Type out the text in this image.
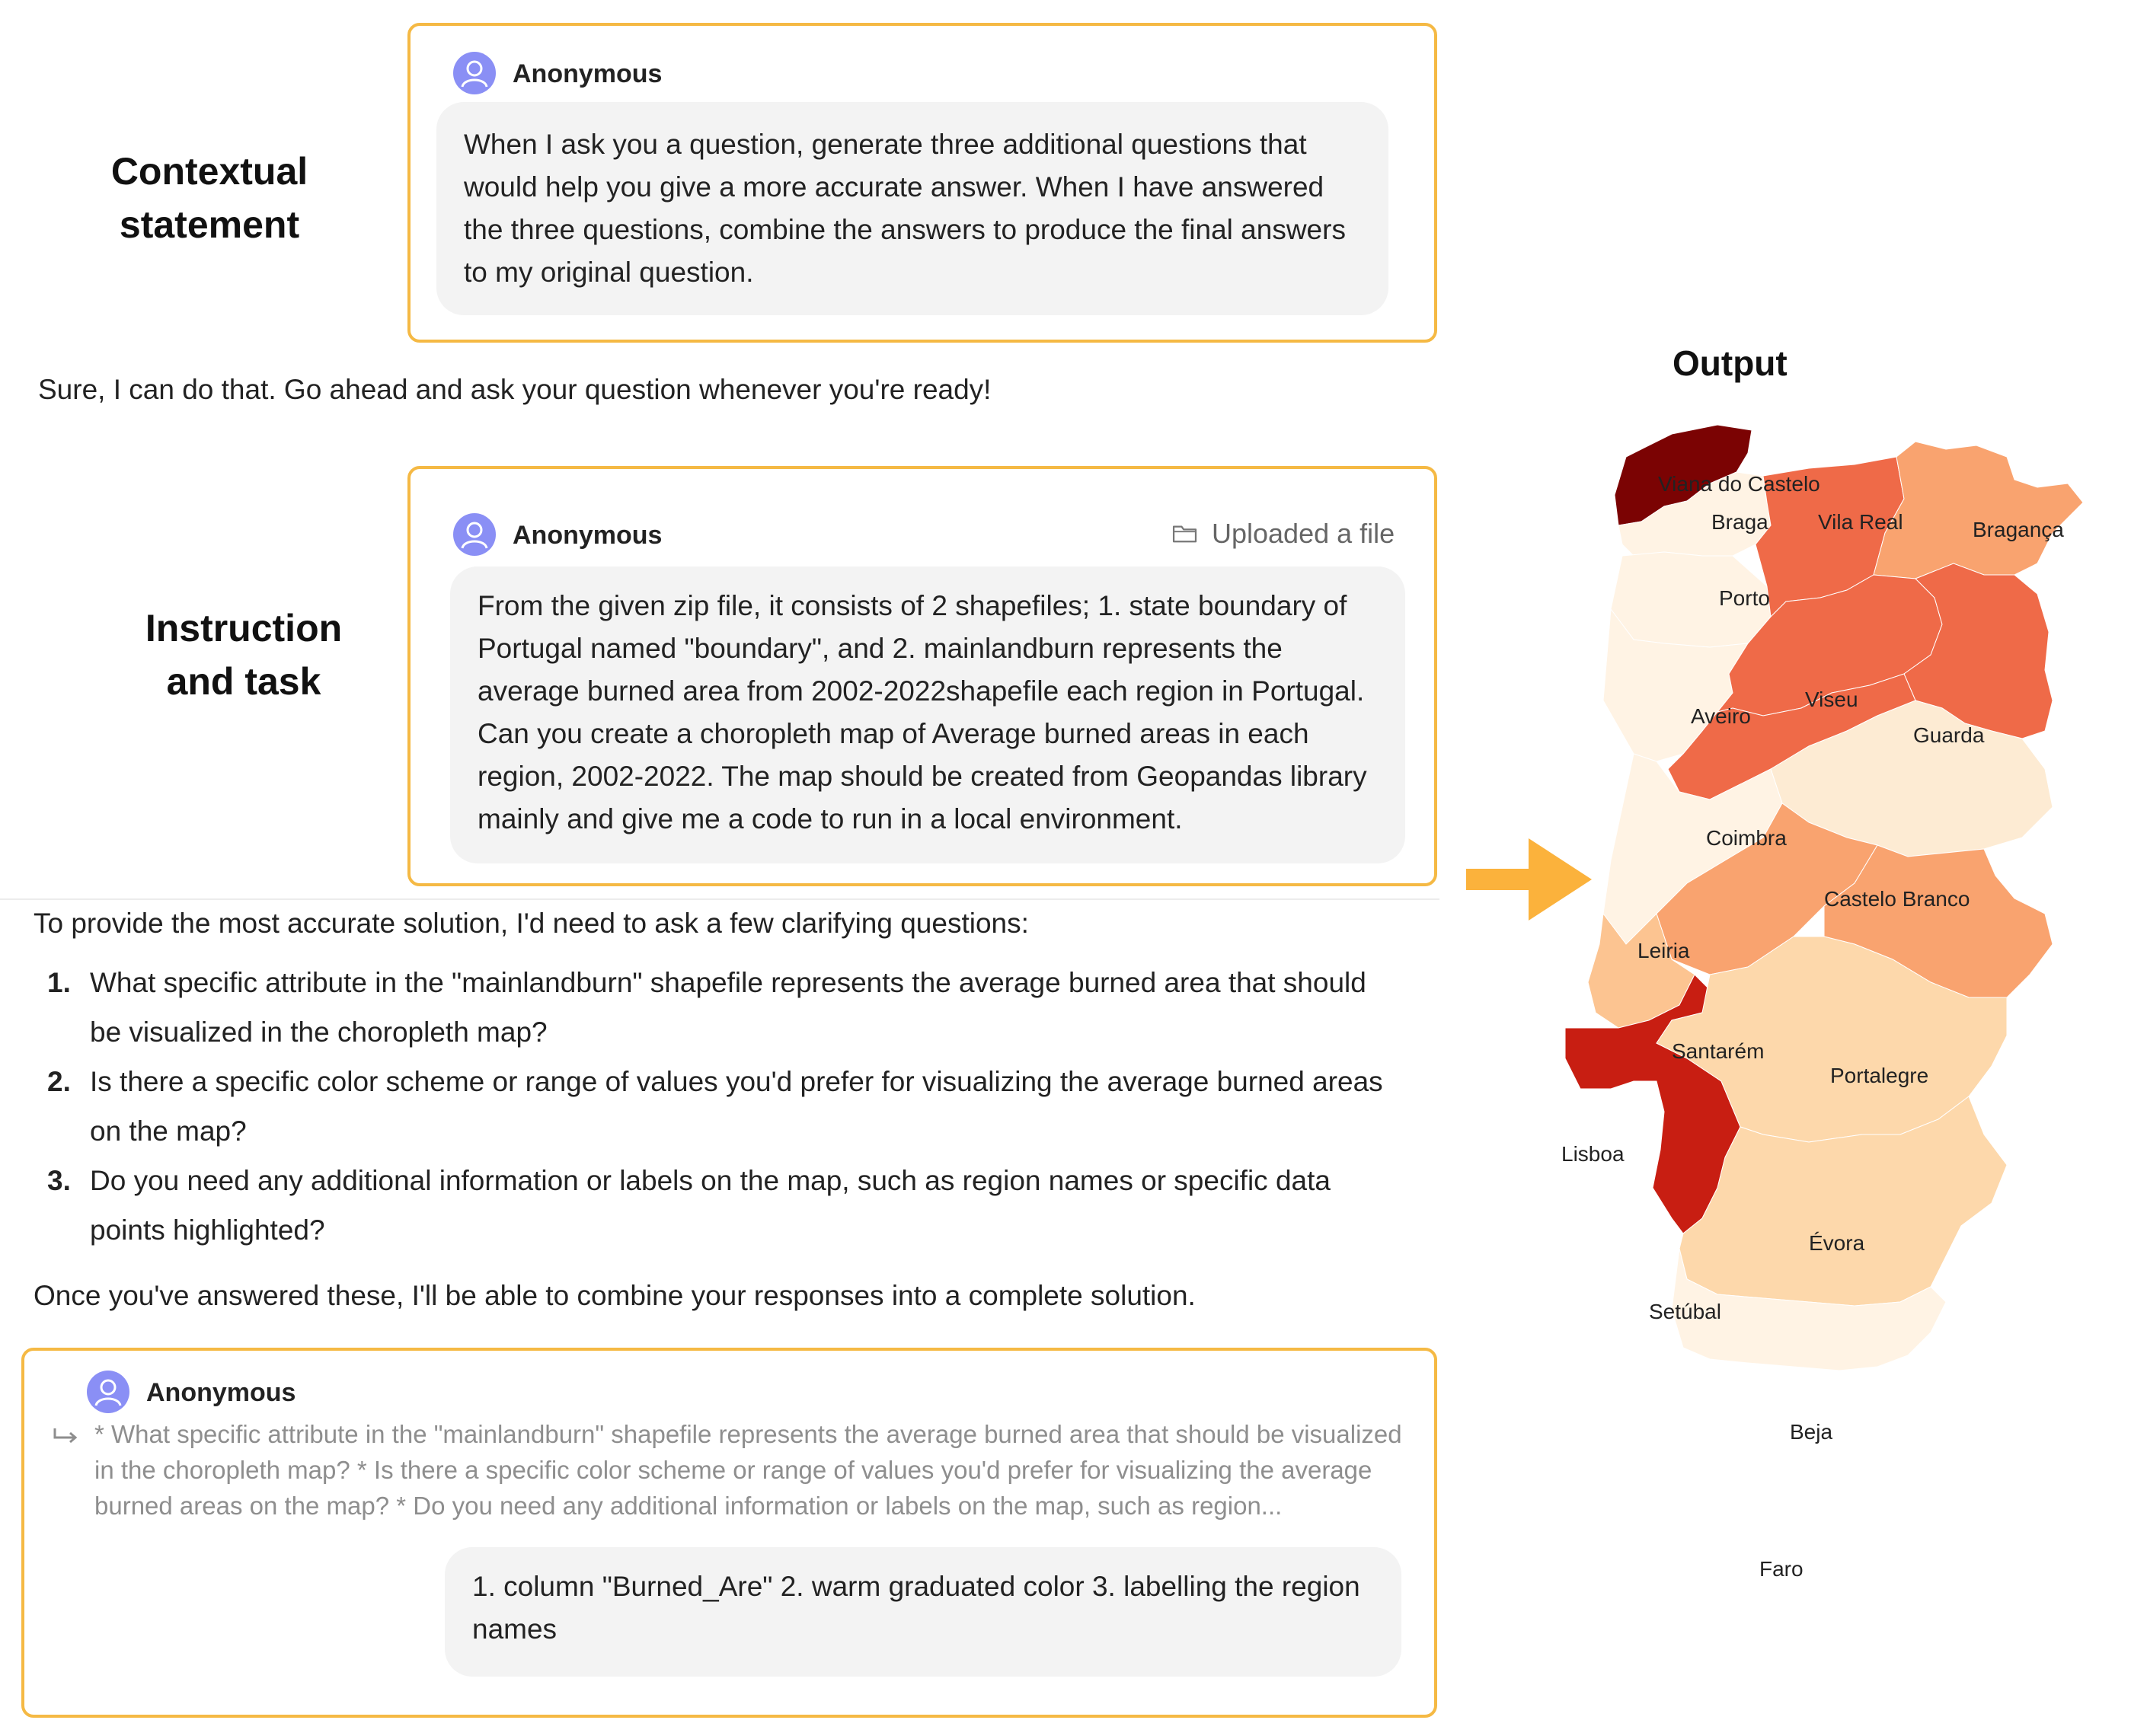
Contextual statement
Instruction and task
Anonymous
When I ask you a question, generate three additional questions that would help you give a more accurate answer. When I have answered the three questions, combine the answers to produce the final answers to my original question.
Sure, I can do that. Go ahead and ask your question whenever you're ready!
Anonymous	Uploaded a file
From the given zip file, it consists of 2 shapefiles; 1. state boundary of Portugal named "boundary", and 2. mainlandburn represents the average burned area from 2002-2022shapefile each region in Portugal. Can you create a choropleth map of Average burned areas in each region, 2002-2022. The map should be created from Geopandas library mainly and give me a code to run in a local environment.
To provide the most accurate solution, I'd need to ask a few clarifying questions:
1. What specific attribute in the "mainlandburn" shapefile represents the average burned area that should be visualized in the choropleth map?
2. Is there a specific color scheme or range of values you'd prefer for visualizing the average burned areas on the map?
3. Do you need any additional information or labels on the map, such as region names or specific data points highlighted?
Once you've answered these, I'll be able to combine your responses into a complete solution.
Anonymous
* What specific attribute in the "mainlandburn" shapefile represents the average burned area that should be visualized in the choropleth map? * Is there a specific color scheme or range of values you'd prefer for visualizing the average burned areas on the map? * Do you need any additional information or labels on the map, such as region...
1. column "Burned_Are" 2. warm graduated color 3. labelling the region names
Output
Viana do Castelo
Braga Vila Real	Bragança
Porto
Aveiro
Viseu
Guarda
Coimbra
Castelo Branco
Leiria
Santarém
Portalegre
Lisboa
Évora
Setúbal
Beja
Faro
